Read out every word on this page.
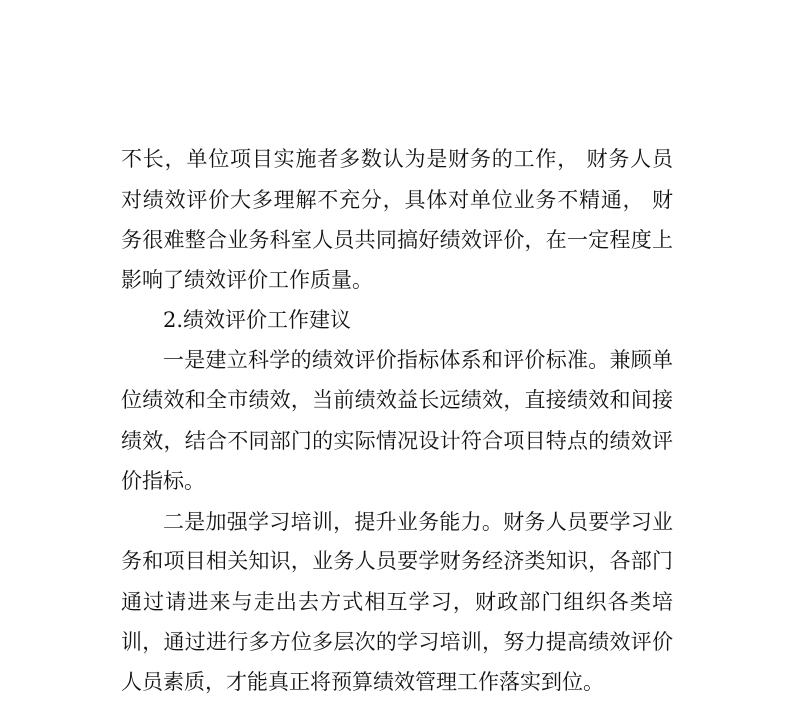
不长，单位项目实施者多数认为是财务的工作， 财务人员
对绩效评价大多理解不充分，具体对单位业务不精通， 财
务很难整合业务科室人员共同搞好绩效评价，在一定程度上
影响了绩效评价工作质量。
2.绩效评价工作建议
一是建立科学的绩效评价指标体系和评价标准。兼顾单
位绩效和全市绩效，当前绩效益长远绩效，直接绩效和间接
绩效，结合不同部门的实际情况设计符合项目特点的绩效评
价指标。
二是加强学习培训，提升业务能力。财务人员要学习业
务和项目相关知识，业务人员要学财务经济类知识，各部门
通过请进来与走出去方式相互学习，财政部门组织各类培
训，通过进行多方位多层次的学习培训，努力提高绩效评价
人员素质，才能真正将预算绩效管理工作落实到位。
